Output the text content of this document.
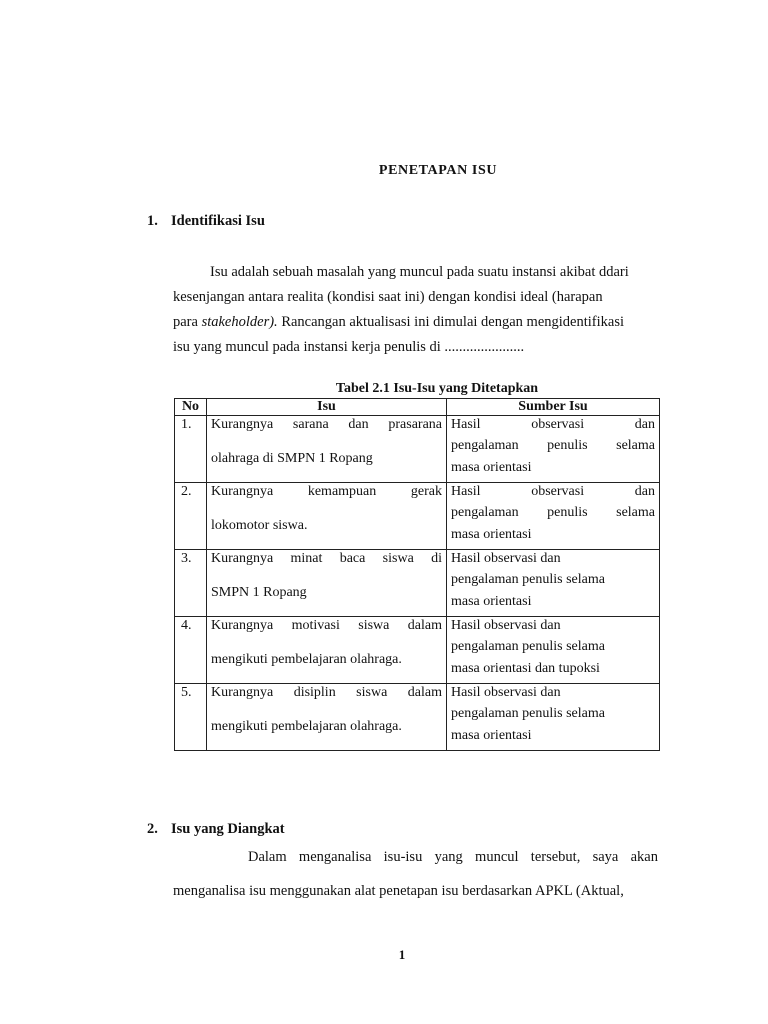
PENETAPAN ISU
1. Identifikasi Isu
Isu adalah sebuah masalah yang muncul pada suatu instansi akibat ddari
kesenjangan antara realita (kondisi saat ini) dengan kondisi ideal (harapan
para stakeholder). Rancangan aktualisasi ini dimulai dengan mengidentifikasi
isu yang muncul pada instansi kerja penulis di ......................
Tabel 2.1 Isu-Isu yang Ditetapkan
No	Isu	Sumber Isu
1.	Kurangnya sarana dan prasarana
olahraga di SMPN 1 Ropang	Hasil observasi dan
pengalaman penulis selama
masa orientasi

2.	Kurangnya kemampuan gerak
lokomotor siswa.	Hasil observasi dan
pengalaman penulis selama
masa orientasi

3.	Kurangnya minat baca siswa di
SMPN 1 Ropang	Hasil observasi dan
pengalaman penulis selama
masa orientasi

4.	Kurangnya motivasi siswa dalam
mengikuti pembelajaran olahraga.	Hasil observasi dan
pengalaman penulis selama
masa orientasi dan tupoksi

5.	Kurangnya disiplin siswa dalam
mengikuti pembelajaran olahraga.	Hasil observasi dan
pengalaman penulis selama
masa orientasi
2. Isu yang Diangkat
Dalam menganalisa isu-isu yang muncul tersebut, saya akan
menganalisa isu menggunakan alat penetapan isu berdasarkan APKL (Aktual,
1
